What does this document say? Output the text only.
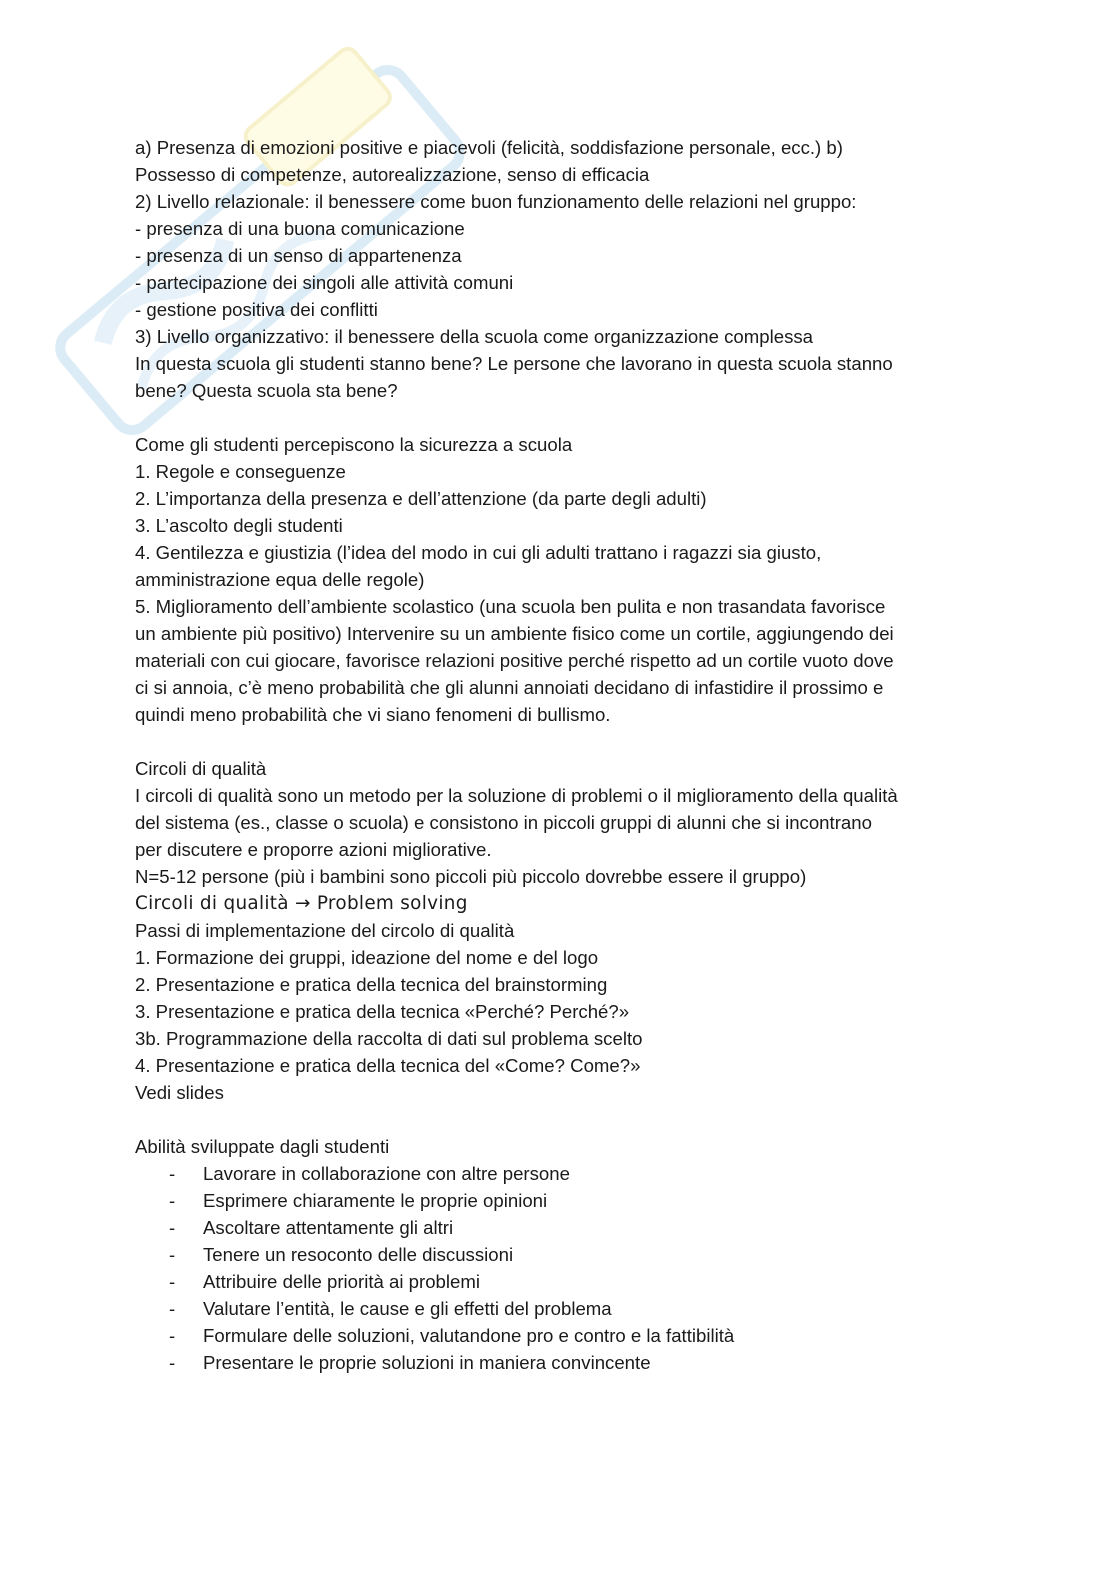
a) Presenza di emozioni positive e piacevoli (felicità, soddisfazione personale, ecc.) b)
Possesso di competenze, autorealizzazione, senso di efficacia
2) Livello relazionale: il benessere come buon funzionamento delle relazioni nel gruppo:
- presenza di una buona comunicazione
- presenza di un senso di appartenenza
- partecipazione dei singoli alle attività comuni
- gestione positiva dei conflitti
3) Livello organizzativo: il benessere della scuola come organizzazione complessa
In questa scuola gli studenti stanno bene? Le persone che lavorano in questa scuola stanno
bene? Questa scuola sta bene?
Come gli studenti percepiscono la sicurezza a scuola
1. Regole e conseguenze
2. L’importanza della presenza e dell’attenzione (da parte degli adulti)
3. L’ascolto degli studenti
4. Gentilezza e giustizia (l’idea del modo in cui gli adulti trattano i ragazzi sia giusto,
amministrazione equa delle regole)
5. Miglioramento dell’ambiente scolastico (una scuola ben pulita e non trasandata favorisce
un ambiente più positivo) Intervenire su un ambiente fisico come un cortile, aggiungendo dei
materiali con cui giocare, favorisce relazioni positive perché rispetto ad un cortile vuoto dove
ci si annoia, c’è meno probabilità che gli alunni annoiati decidano di infastidire il prossimo e
quindi meno probabilità che vi siano fenomeni di bullismo.
Circoli di qualità
I circoli di qualità sono un metodo per la soluzione di problemi o il miglioramento della qualità
del sistema (es., classe o scuola) e consistono in piccoli gruppi di alunni che si incontrano
per discutere e proporre azioni migliorative.
N=5-12 persone (più i bambini sono piccoli più piccolo dovrebbe essere il gruppo)
Circoli di qualità → Problem solving
Passi di implementazione del circolo di qualità
1. Formazione dei gruppi, ideazione del nome e del logo
2. Presentazione e pratica della tecnica del brainstorming
3. Presentazione e pratica della tecnica «Perché? Perché?»
3b. Programmazione della raccolta di dati sul problema scelto
4. Presentazione e pratica della tecnica del «Come? Come?»
Vedi slides
Abilità sviluppate dagli studenti
-	Lavorare in collaborazione con altre persone
-	Esprimere chiaramente le proprie opinioni
-	Ascoltare attentamente gli altri
-	Tenere un resoconto delle discussioni
-	Attribuire delle priorità ai problemi
-	Valutare l’entità, le cause e gli effetti del problema
-	Formulare delle soluzioni, valutandone pro e contro e la fattibilità
-	Presentare le proprie soluzioni in maniera convincente
